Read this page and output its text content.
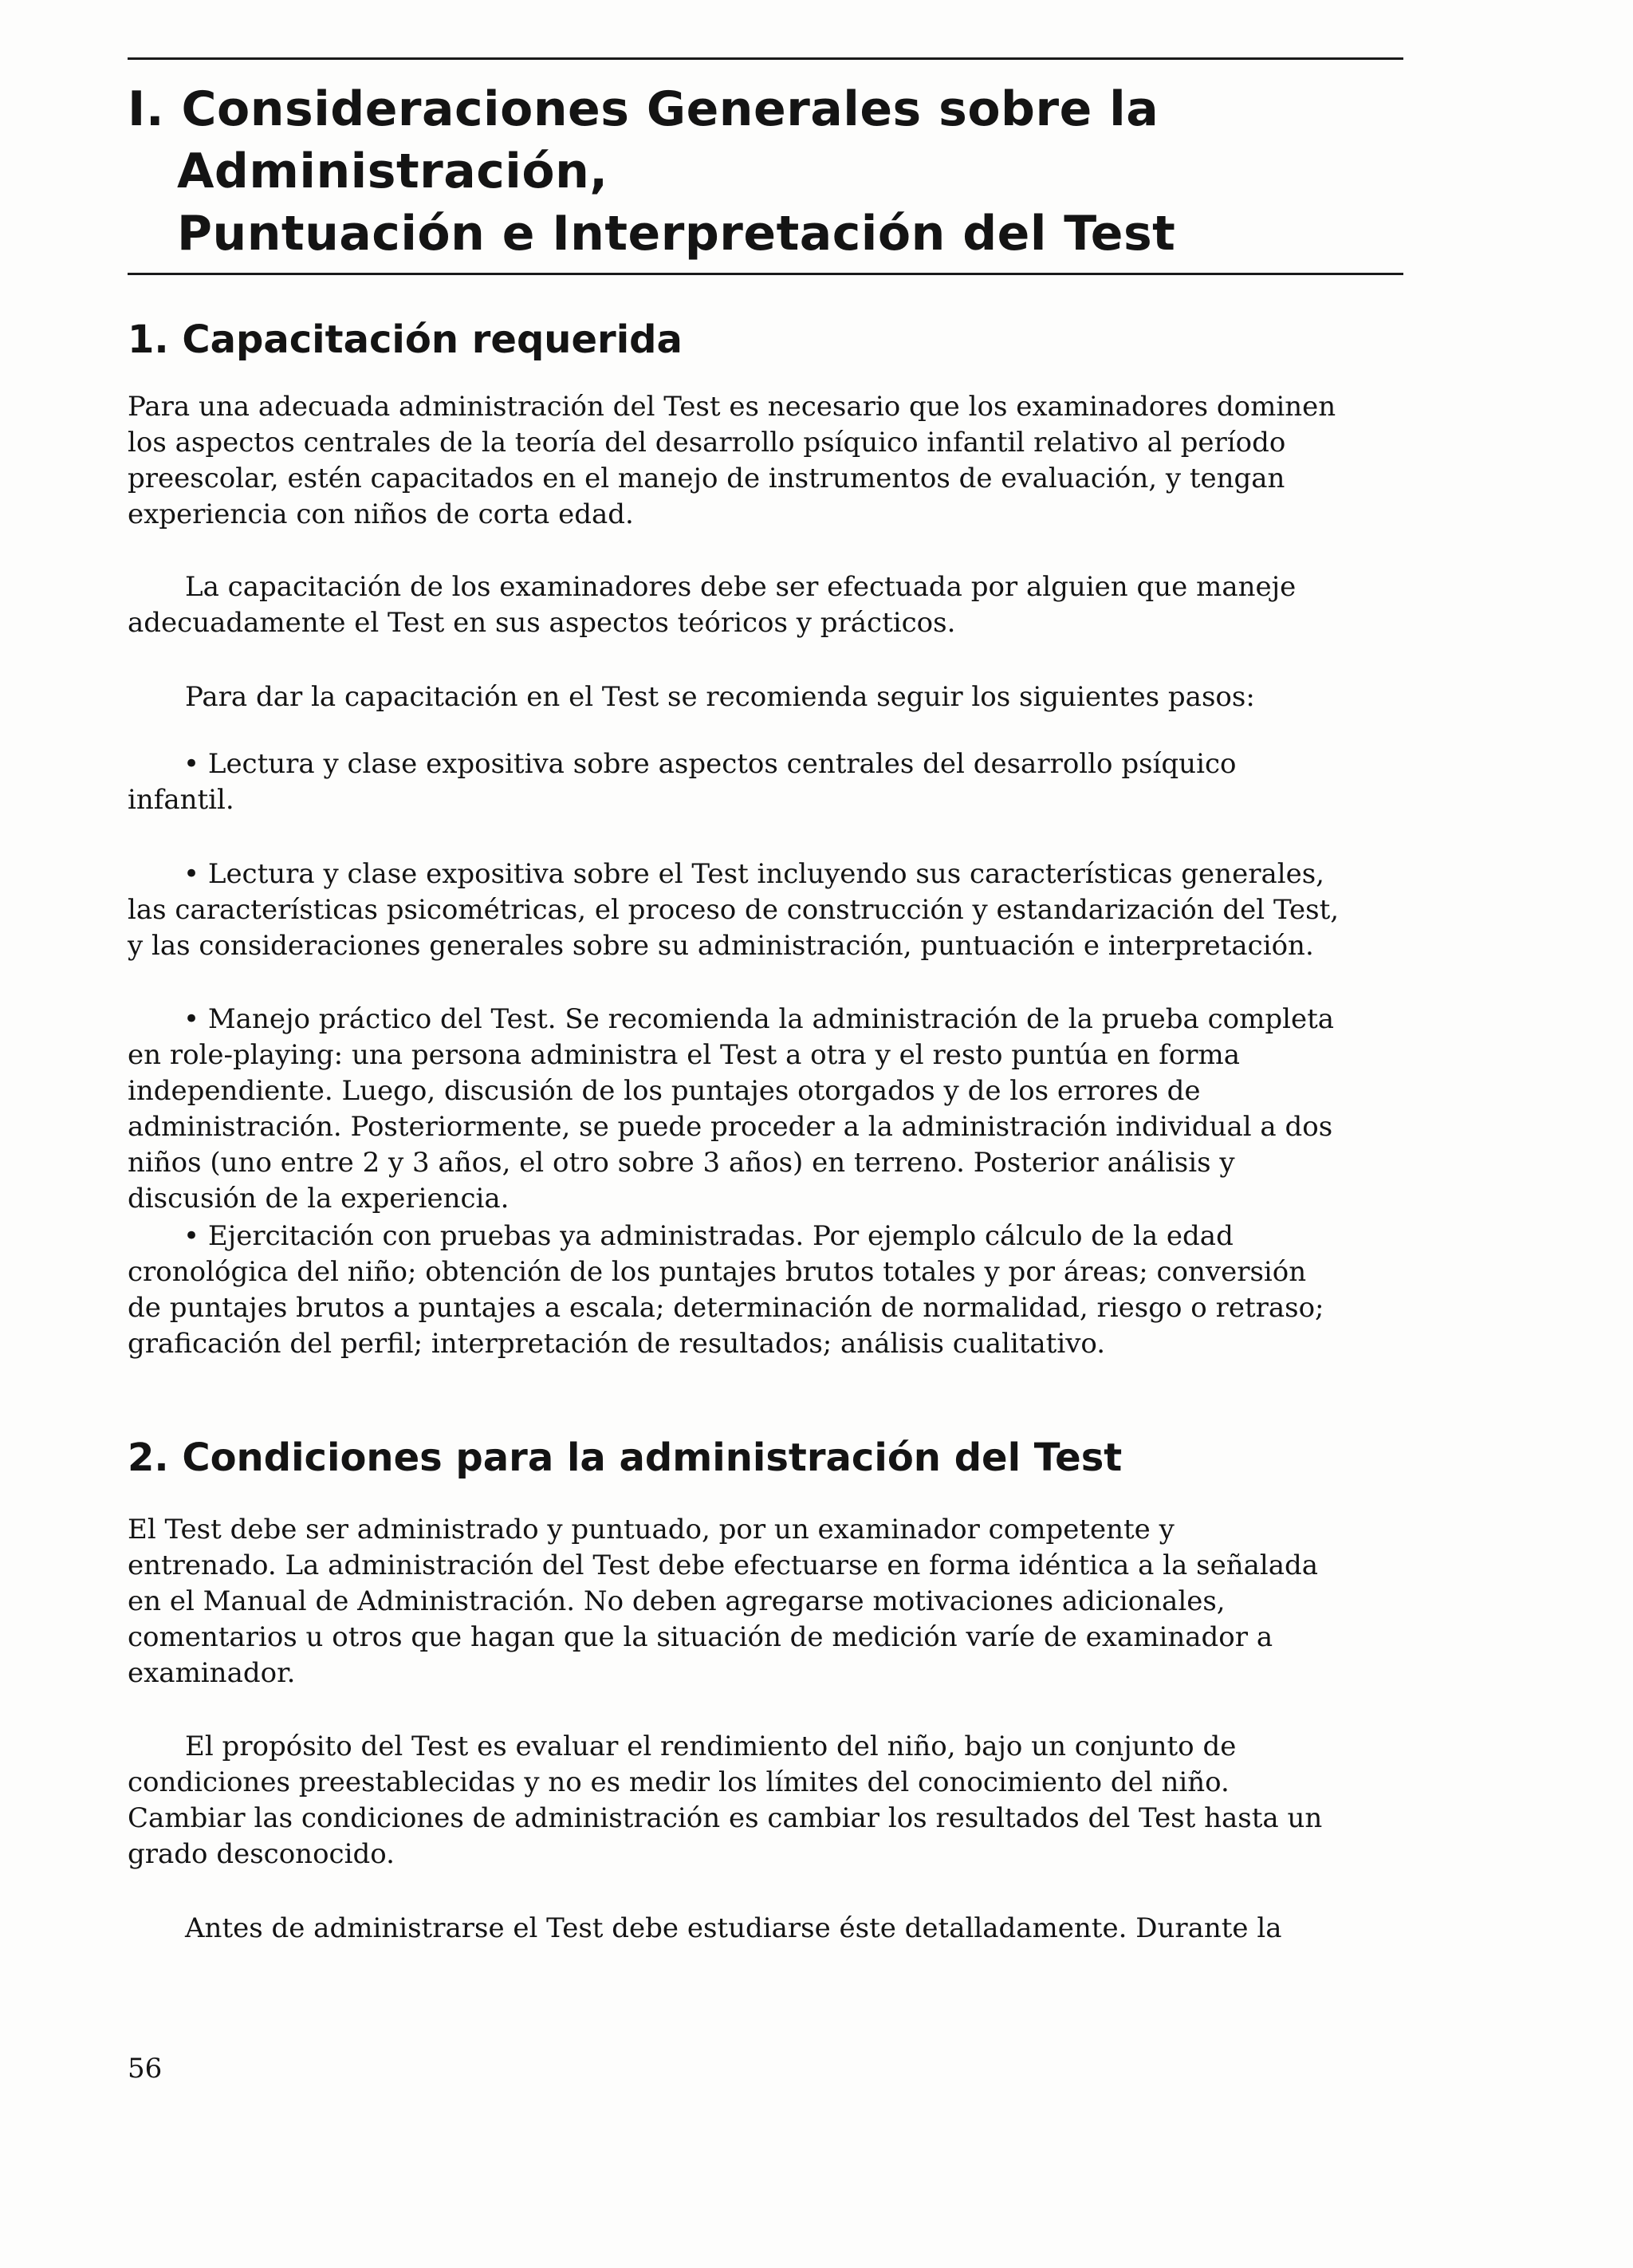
I. Consideraciones Generales sobre la
Administración,
Puntuación e Interpretación del Test
1. Capacitación requerida

Para una adecuada administración del Test es necesario que los examinadores dominen
los aspectos centrales de la teoría del desarrollo psíquico infantil relativo al período
preescolar, estén capacitados en el manejo de instrumentos de evaluación, y tengan
experiencia con niños de corta edad.

La capacitación de los examinadores debe ser efectuada por alguien que maneje
adecuadamente el Test en sus aspectos teóricos y prácticos.

Para dar la capacitación en el Test se recomienda seguir los siguientes pasos:

• Lectura y clase expositiva sobre aspectos centrales del desarrollo psíquico
infantil.

• Lectura y clase expositiva sobre el Test incluyendo sus características generales,
las características psicométricas, el proceso de construcción y estandarización del Test,
y las consideraciones generales sobre su administración, puntuación e interpretación.

• Manejo práctico del Test. Se recomienda la administración de la prueba completa
en role-playing: una persona administra el Test a otra y el resto puntúa en forma
independiente. Luego, discusión de los puntajes otorgados y de los errores de
administración. Posteriormente, se puede proceder a la administración individual a dos
niños (uno entre 2 y 3 años, el otro sobre 3 años) en terreno. Posterior análisis y
discusión de la experiencia.

• Ejercitación con pruebas ya administradas. Por ejemplo cálculo de la edad
cronológica del niño; obtención de los puntajes brutos totales y por áreas; conversión
de puntajes brutos a puntajes a escala; determinación de normalidad, riesgo o retraso;
graficación del perfil; interpretación de resultados; análisis cualitativo.

2. Condiciones para la administración del Test

El Test debe ser administrado y puntuado, por un examinador competente y
entrenado. La administración del Test debe efectuarse en forma idéntica a la señalada
en el Manual de Administración. No deben agregarse motivaciones adicionales,
comentarios u otros que hagan que la situación de medición varíe de examinador a
examinador.

El propósito del Test es evaluar el rendimiento del niño, bajo un conjunto de
condiciones preestablecidas y no es medir los límites del conocimiento del niño.
Cambiar las condiciones de administración es cambiar los resultados del Test hasta un
grado desconocido.

Antes de administrarse el Test debe estudiarse éste detalladamente. Durante la

56
